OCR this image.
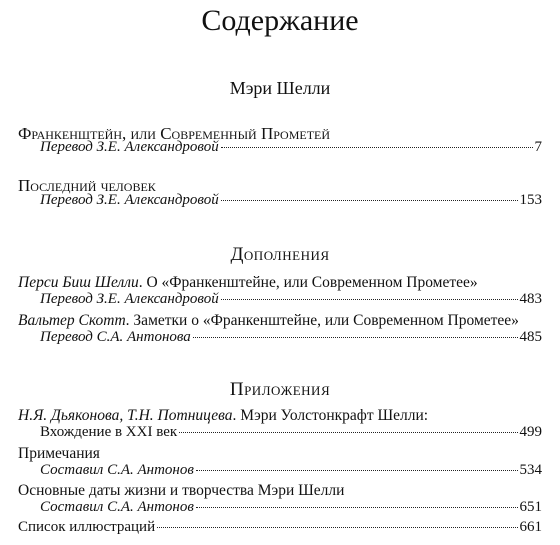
Содержание
Мэри Шелли
Франкенштейн, или Современный Прометей
Перевод З.Е. Александровой	7
Последний человек
Перевод З.Е. Александровой	153
Дополнения
Перси Биш Шелли. О «Франкенштейне, или Современном Прометее»
Перевод З.Е. Александровой	483
Вальтер Скотт. Заметки о «Франкенштейне, или Современном Прометее»
Перевод С.А. Антонова	485
Приложения
Н.Я. Дьяконова, Т.Н. Потницева. Мэри Уолстонкрафт Шелли:
Вхождение в XXI век	499
Примечания
Составил С.А. Антонов	534
Основные даты жизни и творчества Мэри Шелли
Составил С.А. Антонов	651
Список иллюстраций	661
